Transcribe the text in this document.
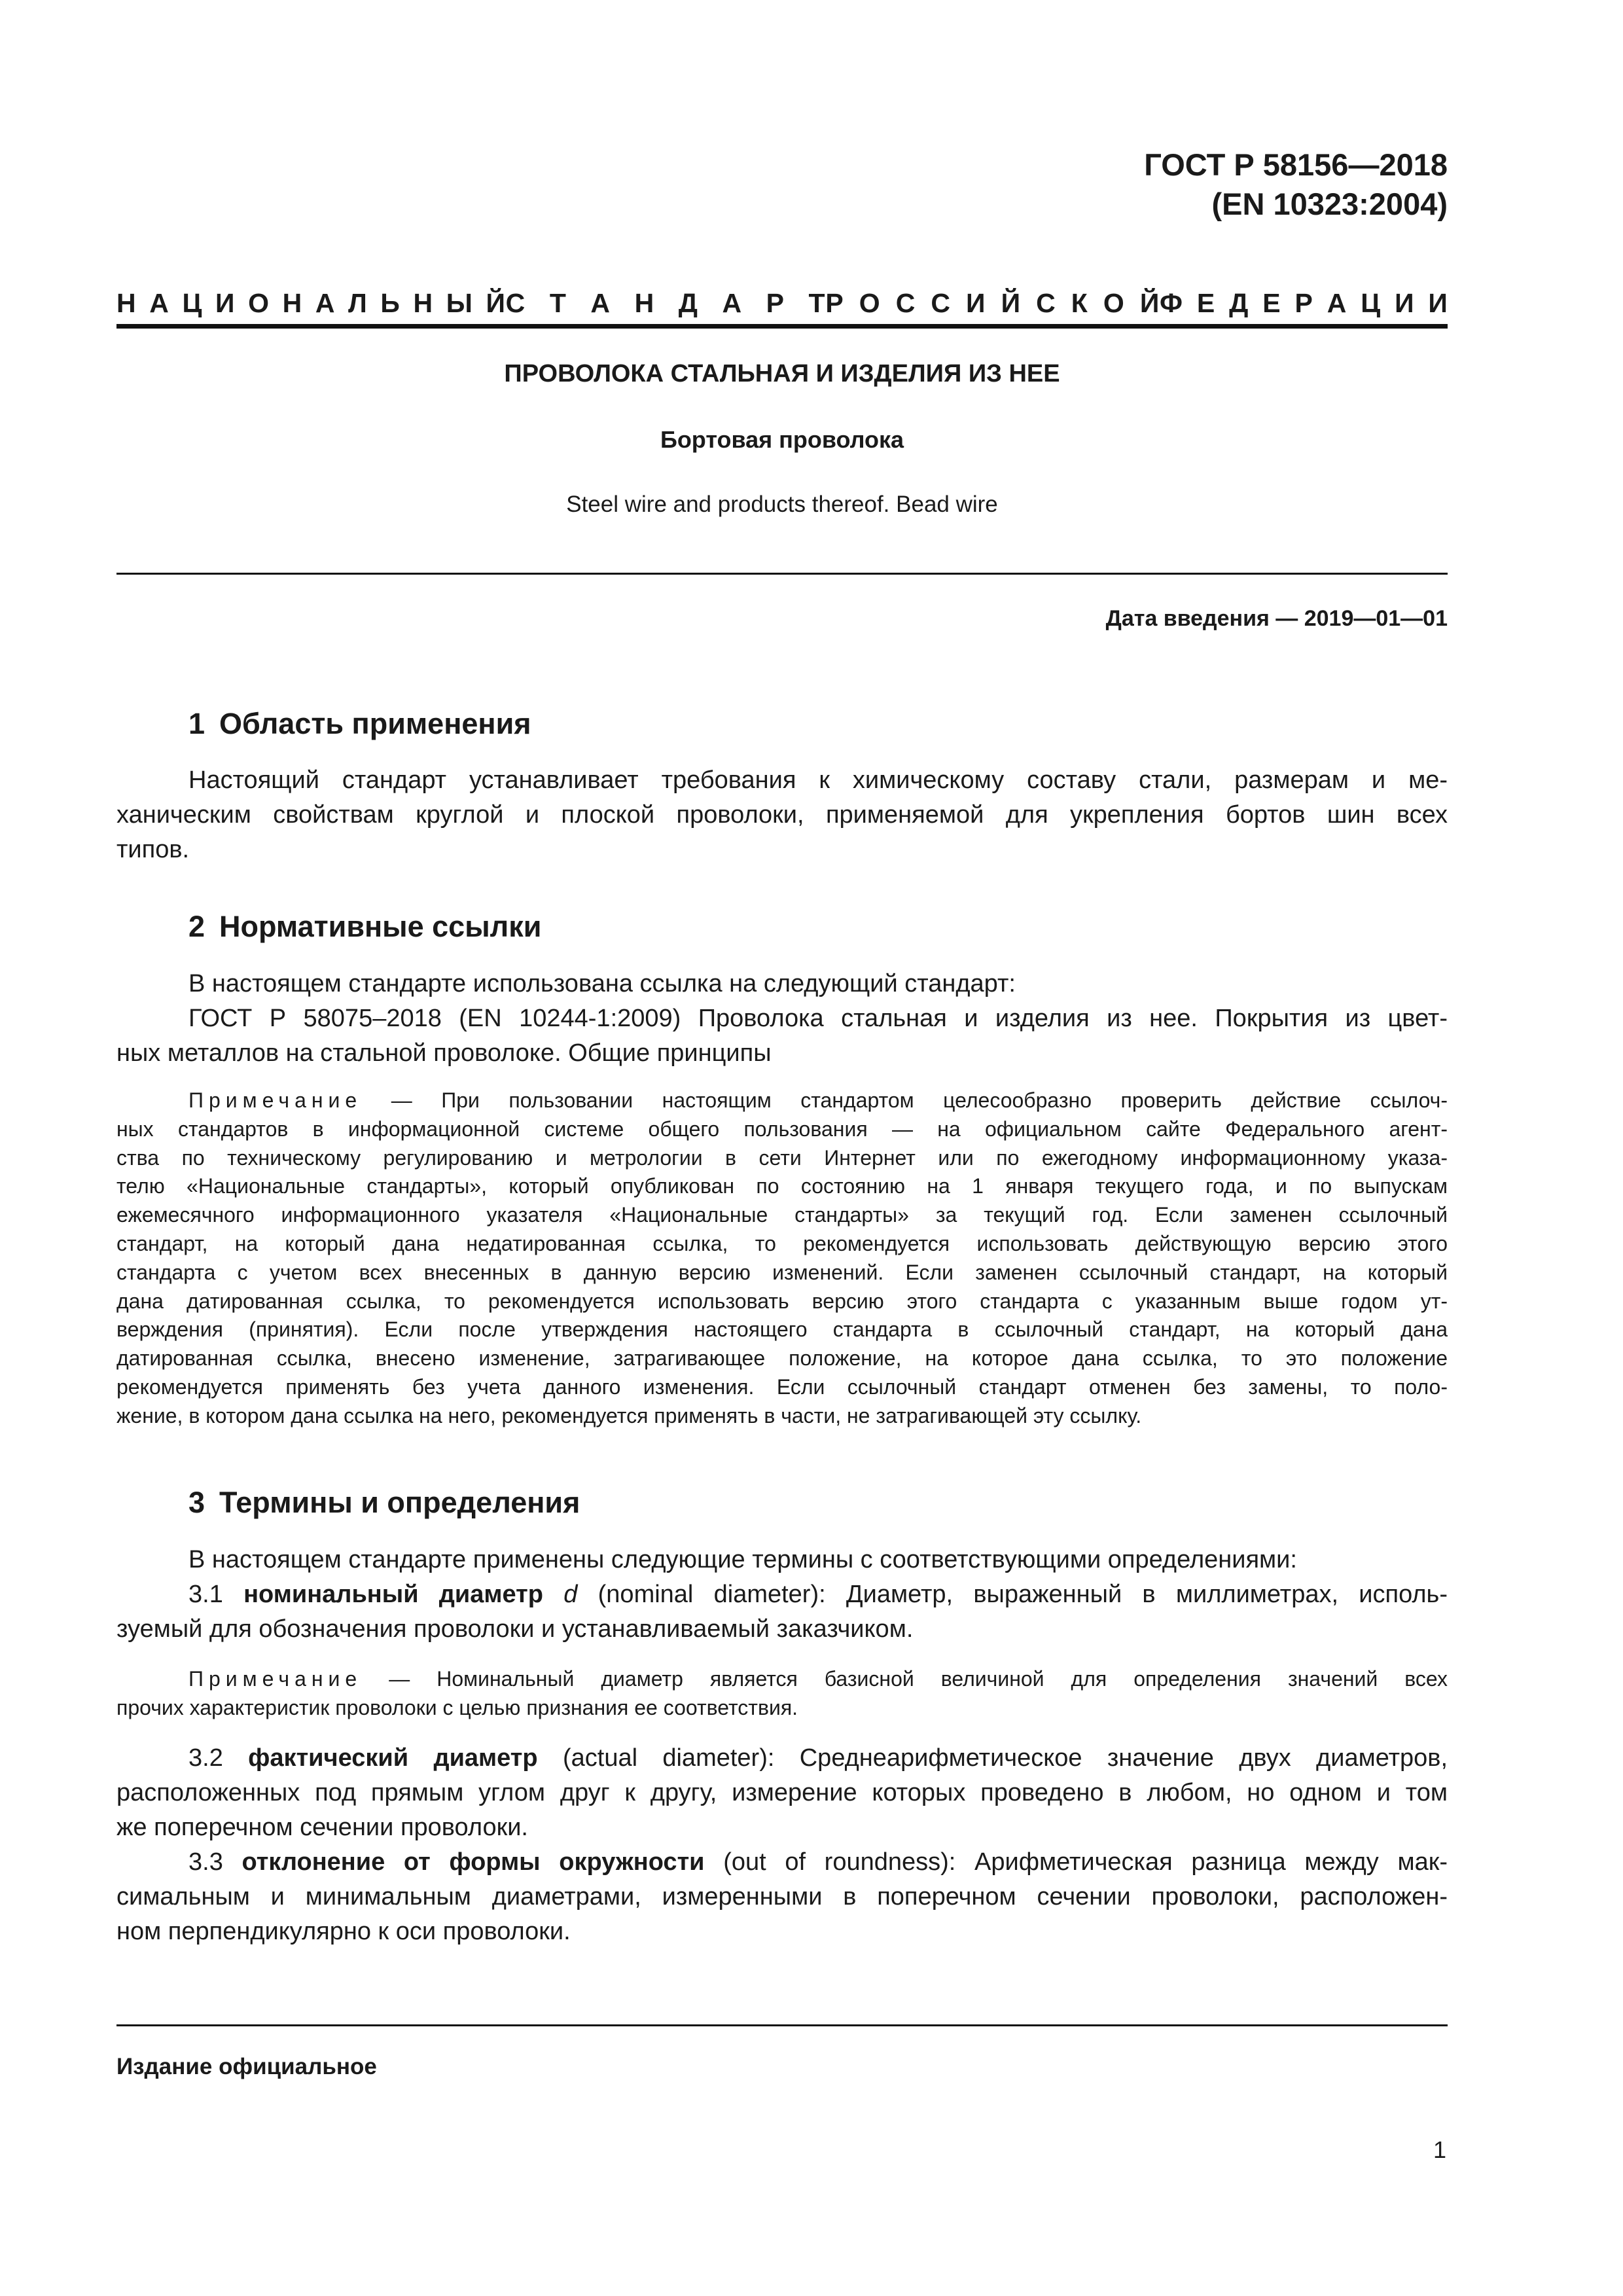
ГОСТ Р 58156—2018
(EN 10323:2004)
Н А Ц И О Н А Л Ь Н Ы Й С Т А Н Д А Р Т Р О С С И Й С К О Й Ф Е Д Е Р А Ц И И
ПРОВОЛОКА СТАЛЬНАЯ И ИЗДЕЛИЯ ИЗ НЕЕ
Бортовая проволока
Steel wire and products thereof. Bead wire
Дата введения — 2019—01—01
1 Область применения
Настоящий стандарт устанавливает требования к химическому составу стали, размерам и ме-
ханическим свойствам круглой и плоской проволоки, применяемой для укрепления бортов шин всех
типов.
2 Нормативные ссылки
В настоящем стандарте использована ссылка на следующий стандарт:
ГОСТ Р 58075–2018 (EN 10244-1:2009) Проволока стальная и изделия из нее. Покрытия из цвет-
ных металлов на стальной проволоке. Общие принципы
Примечание — При пользовании настоящим стандартом целесообразно проверить действие ссылоч-
ных стандартов в информационной системе общего пользования — на официальном сайте Федерального агент-
ства по техническому регулированию и метрологии в сети Интернет или по ежегодному информационному указа-
телю «Национальные стандарты», который опубликован по состоянию на 1 января текущего года, и по выпускам
ежемесячного информационного указателя «Национальные стандарты» за текущий год. Если заменен ссылочный
стандарт, на который дана недатированная ссылка, то рекомендуется использовать действующую версию этого
стандарта с учетом всех внесенных в данную версию изменений. Если заменен ссылочный стандарт, на который
дана датированная ссылка, то рекомендуется использовать версию этого стандарта с указанным выше годом ут-
верждения (принятия). Если после утверждения настоящего стандарта в ссылочный стандарт, на который дана
датированная ссылка, внесено изменение, затрагивающее положение, на которое дана ссылка, то это положение
рекомендуется применять без учета данного изменения. Если ссылочный стандарт отменен без замены, то поло-
жение, в котором дана ссылка на него, рекомендуется применять в части, не затрагивающей эту ссылку.
3 Термины и определения
В настоящем стандарте применены следующие термины с соответствующими определениями:
3.1 номинальный диаметр d (nominal diameter): Диаметр, выраженный в миллиметрах, исполь-
зуемый для обозначения проволоки и устанавливаемый заказчиком.
Примечание — Номинальный диаметр является базисной величиной для определения значений всех
прочих характеристик проволоки с целью признания ее соответствия.
3.2 фактический диаметр (actual diameter): Среднеарифметическое значение двух диаметров,
расположенных под прямым углом друг к другу, измерение которых проведено в любом, но одном и том
же поперечном сечении проволоки.
3.3 отклонение от формы окружности (out of roundness): Арифметическая разница между мак-
симальным и минимальным диаметрами, измеренными в поперечном сечении проволоки, расположен-
ном перпендикулярно к оси проволоки.
Издание официальное
1
